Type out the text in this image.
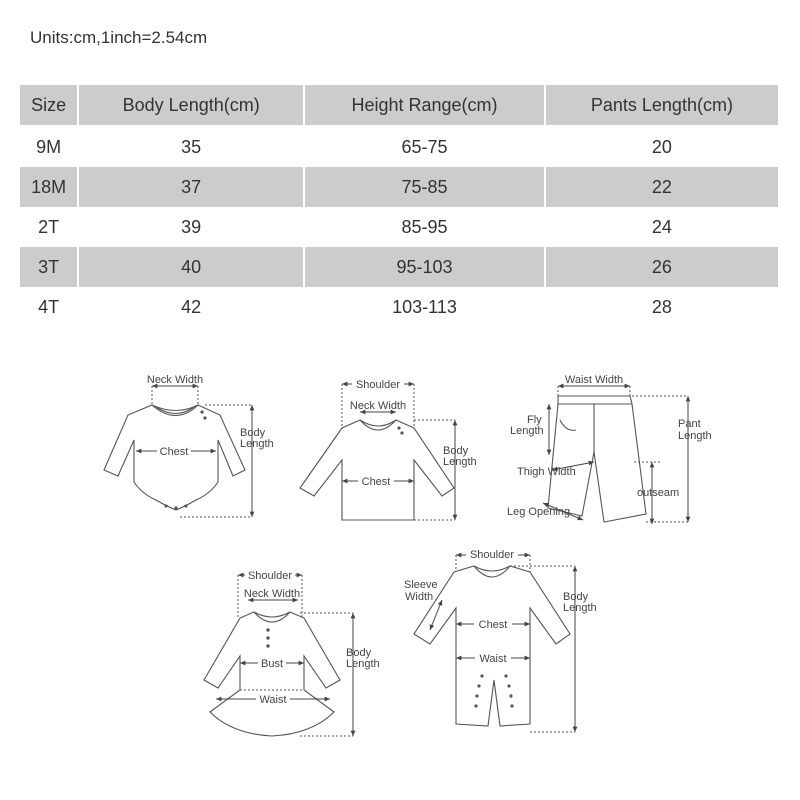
Units:cm,1inch=2.54cm
Size	Body Length(cm)	Height Range(cm)	Pants Length(cm)
9M	35	65-75	20
18M	37	75-85	22
2T	39	85-95	24
3T	40	95-103	26
4T	42	103-113	28
Neck Width
Chest
Body
Length
Shoulder
Neck Width
Chest
Body
Length
Waist Width
Fly
Length
Pant
Length
Thigh Width
outseam
Leg Opening
Shoulder
Neck Width
Bust
Waist
Body
Length
Shoulder
Sleeve
Width
Chest
Waist
Body
Length
